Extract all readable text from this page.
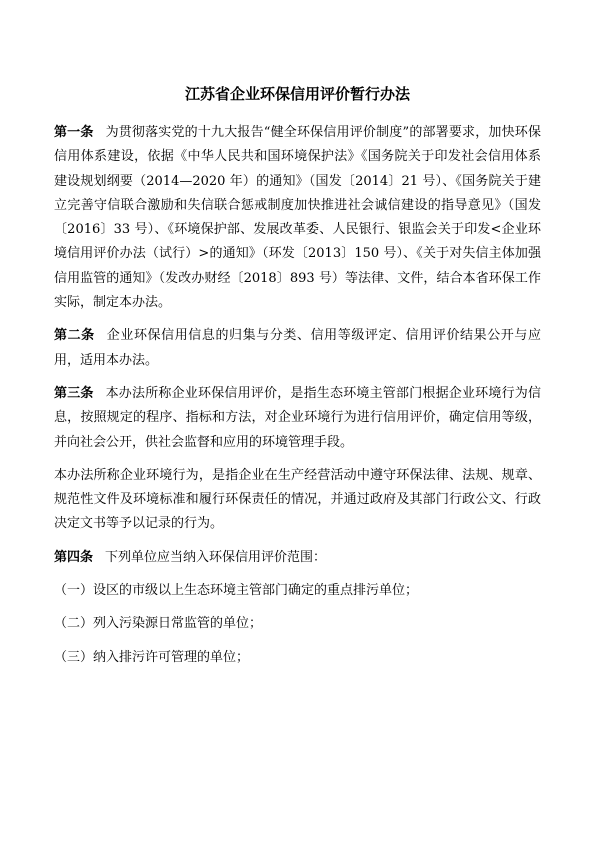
江苏省企业环保信用评价暂行办法

第一条 为贯彻落实党的十九大报告“健全环保信用评价制度”的部署要求，加快环保信用体系建设，依据《中华人民共和国环境保护法》《国务院关于印发社会信用体系建设规划纲要（2014—2020 年）的通知》（国发〔2014〕21 号）、《国务院关于建立完善守信联合激励和失信联合惩戒制度加快推进社会诚信建设的指导意见》（国发〔2016〕33 号）、《环境保护部、发展改革委、人民银行、银监会关于印发<企业环境信用评价办法（试行）>的通知》（环发〔2013〕150 号）、《关于对失信主体加强信用监管的通知》（发改办财经〔2018〕893 号）等法律、文件，结合本省环保工作实际，制定本办法。

第二条 企业环保信用信息的归集与分类、信用等级评定、信用评价结果公开与应用，适用本办法。

第三条 本办法所称企业环保信用评价，是指生态环境主管部门根据企业环境行为信息，按照规定的程序、指标和方法，对企业环境行为进行信用评价，确定信用等级，并向社会公开，供社会监督和应用的环境管理手段。

本办法所称企业环境行为，是指企业在生产经营活动中遵守环保法律、法规、规章、规范性文件及环境标准和履行环保责任的情况，并通过政府及其部门行政公文、行政决定文书等予以记录的行为。

第四条 下列单位应当纳入环保信用评价范围：

（一）设区的市级以上生态环境主管部门确定的重点排污单位；

（二）列入污染源日常监管的单位；

（三）纳入排污许可管理的单位；
